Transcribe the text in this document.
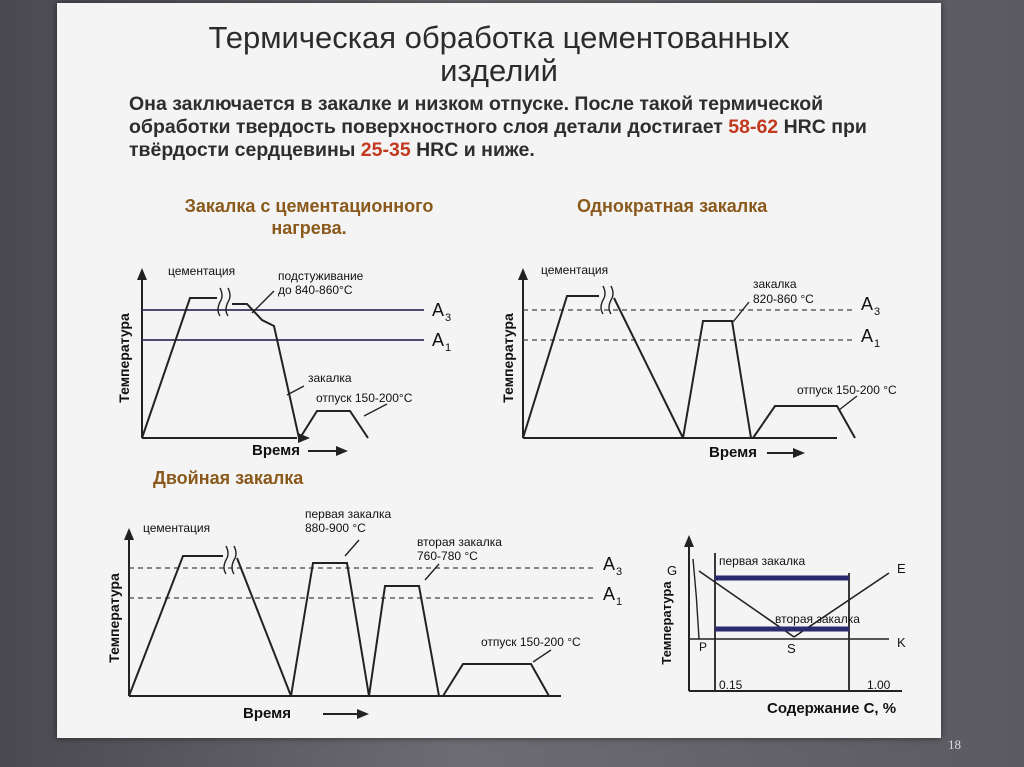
Термическая обработка цементованных
изделий
Она заключается в закалке и низком отпуске. После такой термической обработки твердость поверхностного слоя детали достигает 58-62 HRC при твёрдости сердцевины 25-35 HRC и ниже.
Закалка с цементационного
нагрева.
Однократная закалка
Двойная закалка
Температура
Время
цементация	подстуживание
до 840-860°С
A 3
A 1
закалка
отпуск 150-200°С	Температура
Время
цементация
закалка
820-860 °С	A 3
A 1
отпуск 150-200 °С
Температура
Время
цементация
первая закалка
880-900 °С
вторая закалка
760-780 °С	A 3
A 1
отпуск 150-200 °С	Температура
первая закалка
вторая закалка
G	E
P	S	K
0.15	1.00
Содержание С, %
18
